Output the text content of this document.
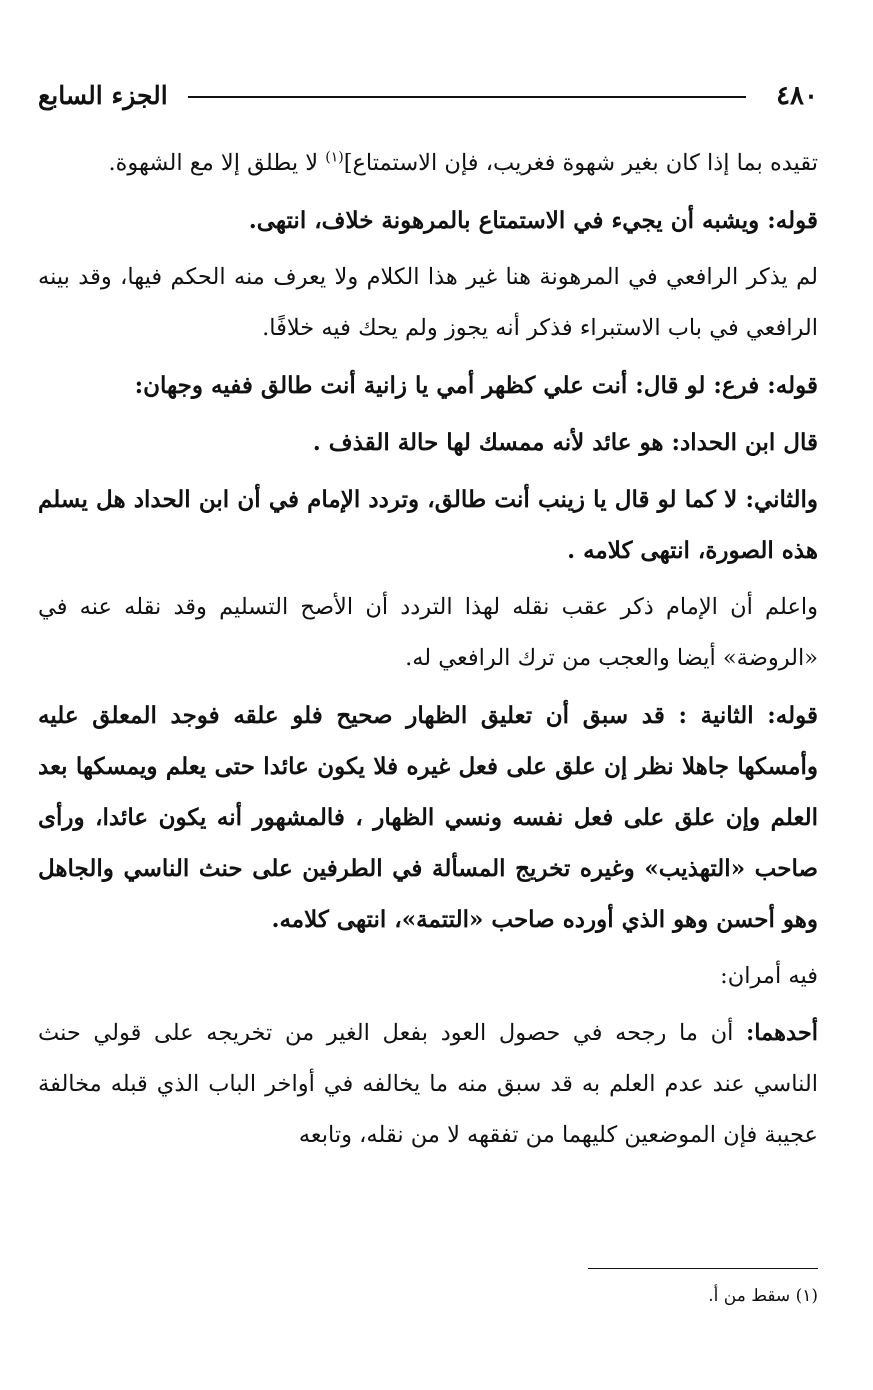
٤٨٠
الجزء السابع

تقيده بما إذا كان بغير شهوة فغريب، فإن الاستمتاع]$^{(١)}$ لا يطلق إلا مع الشهوة.

قوله: ويشبه أن يجيء في الاستمتاع بالمرهونة خلاف، انتهى.

لم يذكر الرافعي في المرهونة هنا غير هذا الكلام ولا يعرف منه الحكم فيها، وقد بينه الرافعي في باب الاستبراء فذكر أنه يجوز ولم يحك فيه خلافًا.

قوله: فرع: لو قال: أنت علي كظهر أمي يا زانية أنت طالق ففيه وجهان:

قال ابن الحداد: هو عائد لأنه ممسك لها حالة القذف .

والثاني: لا كما لو قال يا زينب أنت طالق، وتردد الإمام في أن ابن الحداد هل يسلم هذه الصورة، انتهى كلامه .

واعلم أن الإمام ذكر عقب نقله لهذا التردد أن الأصح التسليم وقد نقله عنه في «الروضة» أيضا والعجب من ترك الرافعي له.

قوله: الثانية : قد سبق أن تعليق الظهار صحيح فلو علقه فوجد المعلق عليه وأمسكها جاهلا نظر إن علق على فعل غيره فلا يكون عائدا حتى يعلم ويمسكها بعد العلم وإن علق على فعل نفسه ونسي الظهار ، فالمشهور أنه يكون عائدا، ورأى صاحب «التهذيب» وغيره تخريج المسألة في الطرفين على حنث الناسي والجاهل وهو أحسن وهو الذي أورده صاحب «التتمة»، انتهى كلامه.

فيه أمران:

أحدهما: أن ما رجحه في حصول العود بفعل الغير من تخريجه على قولي حنث الناسي عند عدم العلم به قد سبق منه ما يخالفه في أواخر الباب الذي قبله مخالفة عجيبة فإن الموضعين كليهما من تفقهه لا من نقله، وتابعه

(١) سقط من أ.
